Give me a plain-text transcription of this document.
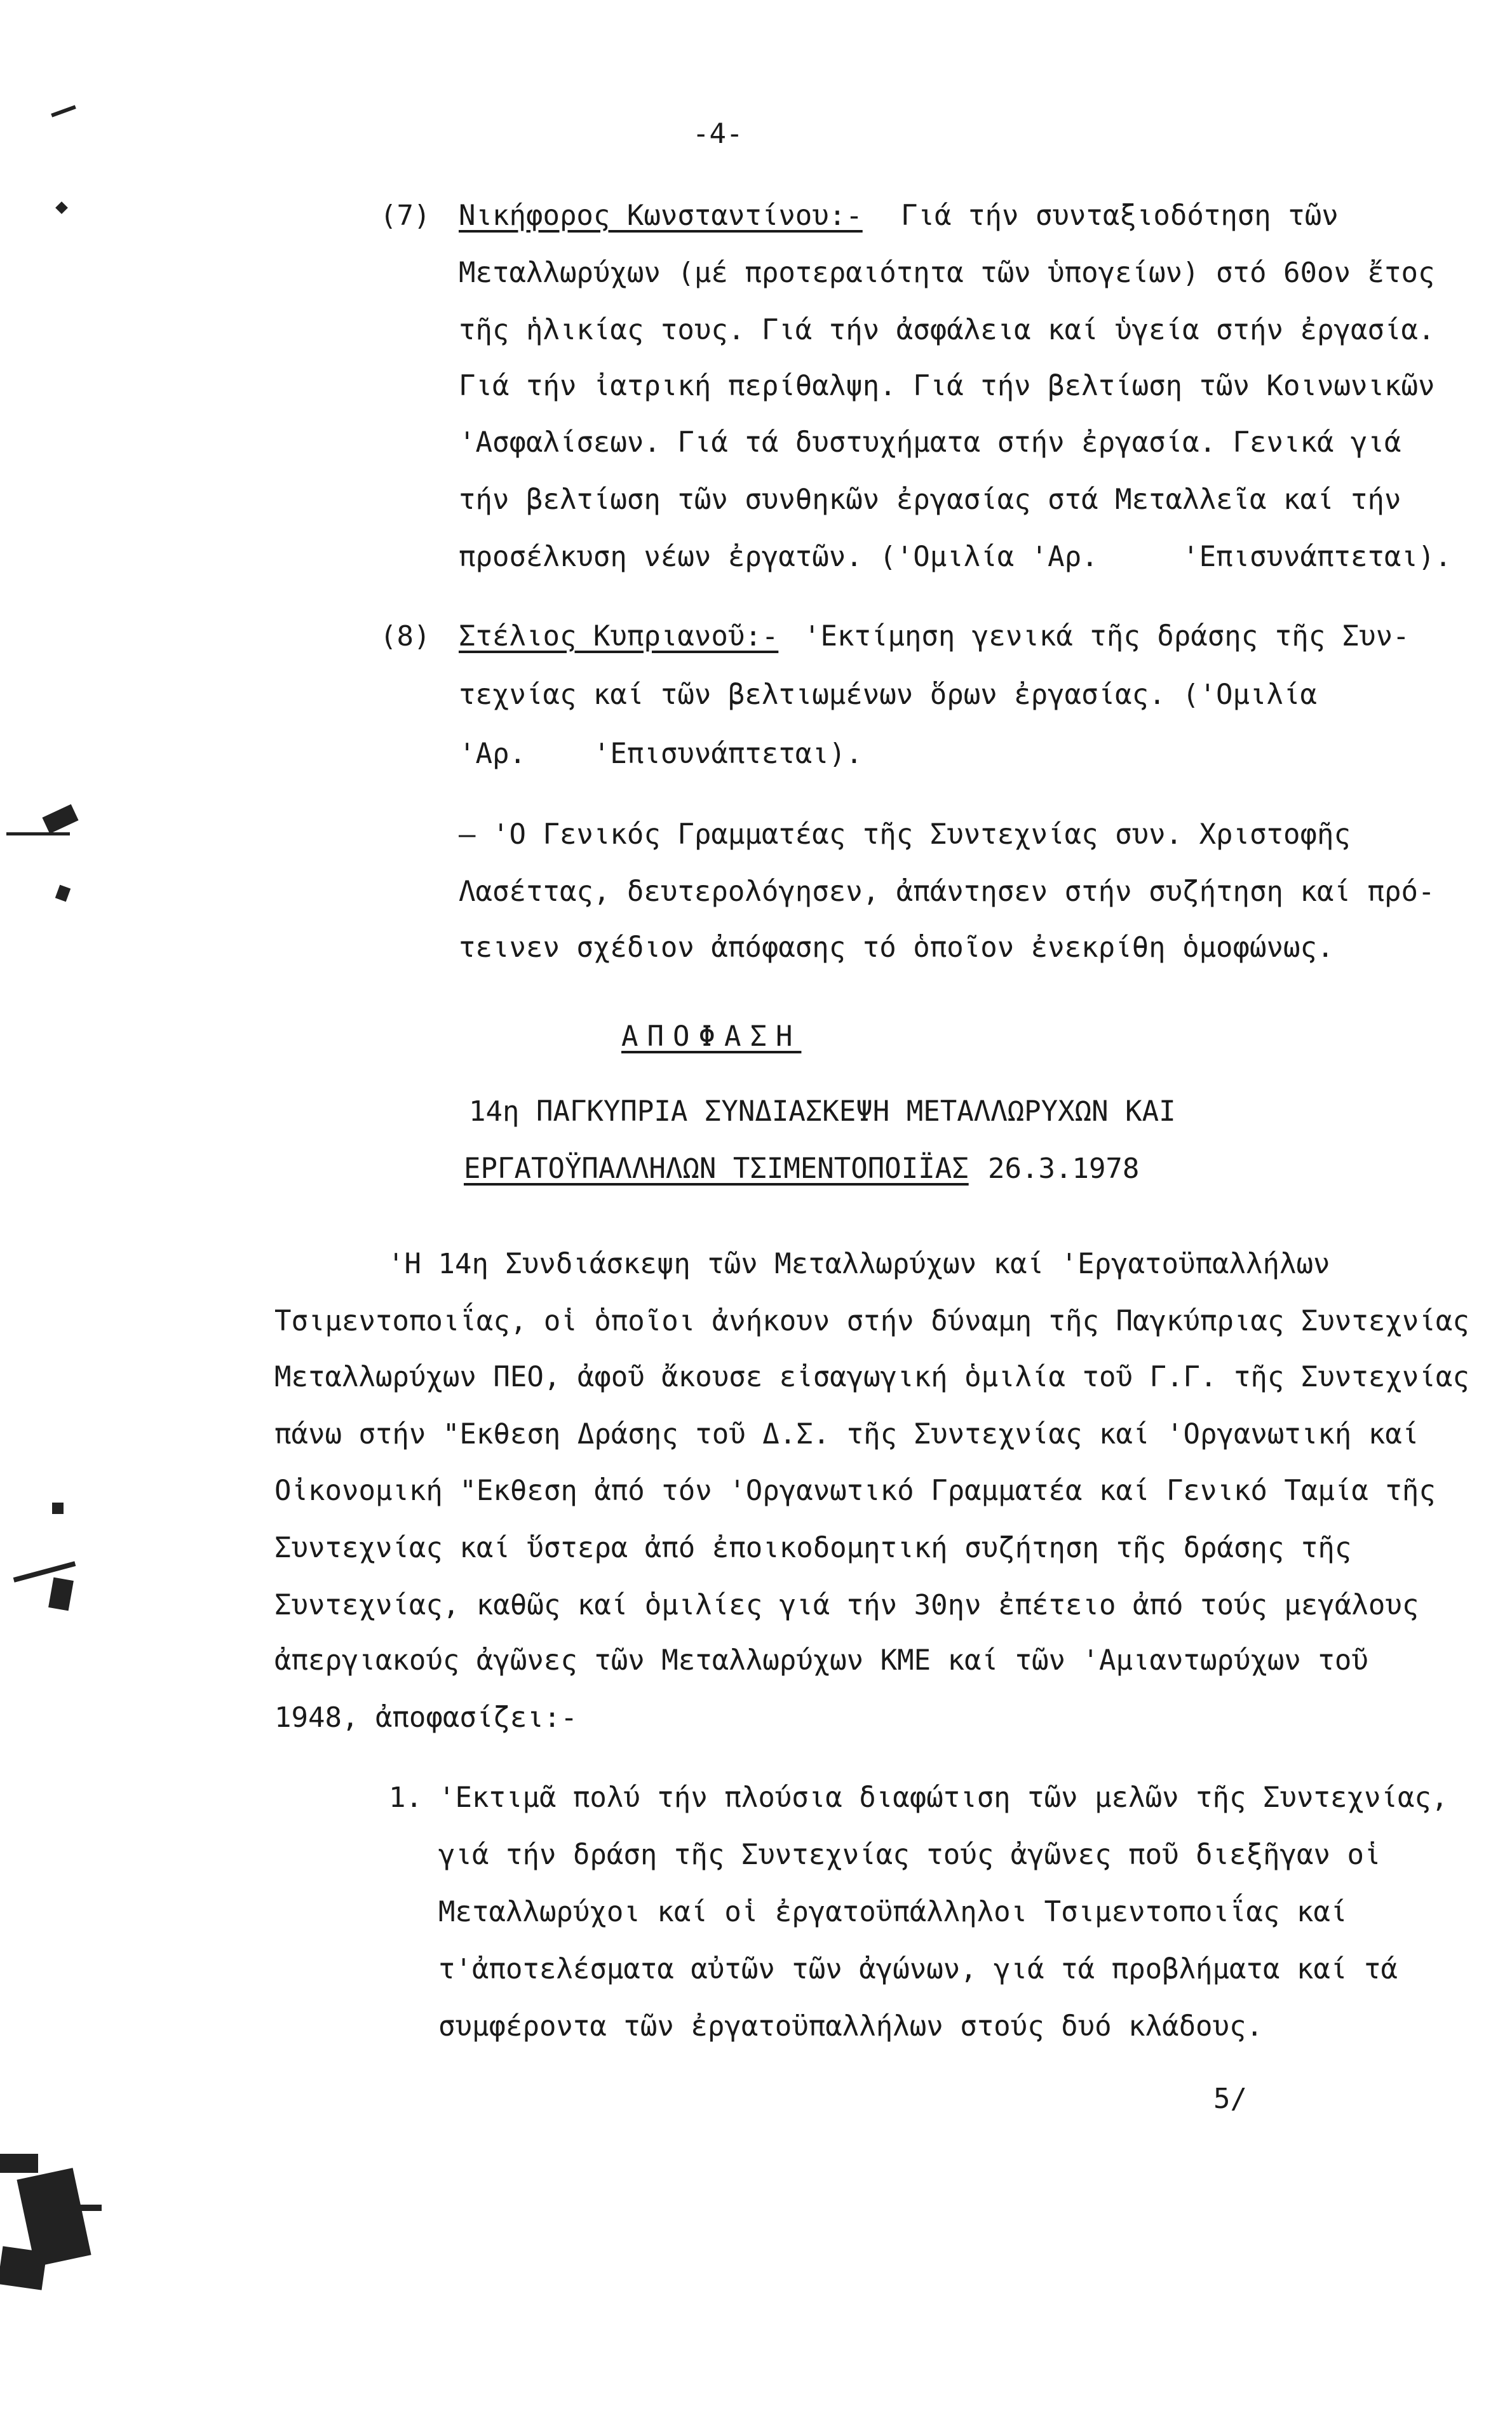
-4-
(7) Νικήφορος Κωνσταντίνου:- Γιά τήν συνταξιοδότηση τῶν
Μεταλλωρύχων (μέ προτεραιότητα τῶν ὑπογείων) στό 60ον ἔτος
τῆς ἡλικίας τους. Γιά τήν ἀσφάλεια καί ὑγεία στήν ἐργασία.
Γιά τήν ἰατρική περίθαλψη. Γιά τήν βελτίωση τῶν Κοινωνικῶν
'Ασφαλίσεων. Γιά τά δυστυχήματα στήν ἐργασία. Γενικά γιά
τήν βελτίωση τῶν συνθηκῶν ἐργασίας στά Μεταλλεῖα καί τήν
προσέλκυση νέων ἐργατῶν. ('Ομιλία 'Αρ.     'Επισυνάπτεται).
(8) Στέλιος Κυπριανοῦ:- 'Εκτίμηση γενικά τῆς δράσης τῆς Συν-
τεχνίας καί τῶν βελτιωμένων ὅρων ἐργασίας. ('Ομιλία
'Αρ.    'Επισυνάπτεται).
— 'Ο Γενικός Γραμματέας τῆς Συντεχνίας συν. Χριστοφῆς
Λασέττας, δευτερολόγησεν, ἀπάντησεν στήν συζήτηση καί πρό-
τεινεν σχέδιον ἀπόφασης τό ὁποῖον ἐνεκρίθη ὁμοφώνως.
ΑΠΟΦΑΣΗ
14η ΠΑΓΚΥΠΡΙΑ ΣΥΝΔΙΑΣΚΕΨΗ ΜΕΤΑΛΛΩΡΥΧΩΝ ΚΑΙ
ΕΡΓΑΤΟΫΠΑΛΛΗΛΩΝ ΤΣΙΜΕΝΤΟΠΟΙΪΑΣ 26.3.1978
'Η 14η Συνδιάσκεψη τῶν Μεταλλωρύχων καί 'Εργατοϋπαλλήλων
Τσιμεντοποιΐας, οἱ ὁποῖοι ἀνήκουν στήν δύναμη τῆς Παγκύπριας Συντεχνίας
Μεταλλωρύχων ΠΕΟ, ἀφοῦ ἄκουσε εἰσαγωγική ὁμιλία τοῦ Γ.Γ. τῆς Συντεχνίας
πάνω στήν "Εκθεση Δράσης τοῦ Δ.Σ. τῆς Συντεχνίας καί 'Οργανωτική καί
Οἰκονομική "Εκθεση ἀπό τόν 'Οργανωτικό Γραμματέα καί Γενικό Ταμία τῆς
Συντεχνίας καί ὕστερα ἀπό ἐποικοδομητική συζήτηση τῆς δράσης τῆς
Συντεχνίας, καθῶς καί ὁμιλίες γιά τήν 30ην ἐπέτειο ἀπό τούς μεγάλους
ἀπεργιακούς ἀγῶνες τῶν Μεταλλωρύχων ΚΜΕ καί τῶν 'Αμιαντωρύχων τοῦ
1948, ἀποφασίζει:-
1. 'Εκτιμᾶ πολύ τήν πλούσια διαφώτιση τῶν μελῶν τῆς Συντεχνίας,
γιά τήν δράση τῆς Συντεχνίας τούς ἀγῶνες ποῦ διεξῆγαν οἱ
Μεταλλωρύχοι καί οἱ ἐργατοϋπάλληλοι Τσιμεντοποιΐας καί
τ'ἀποτελέσματα αὐτῶν τῶν ἀγώνων, γιά τά προβλήματα καί τά
συμφέροντα τῶν ἐργατοϋπαλλήλων στούς δυό κλάδους.
5/
